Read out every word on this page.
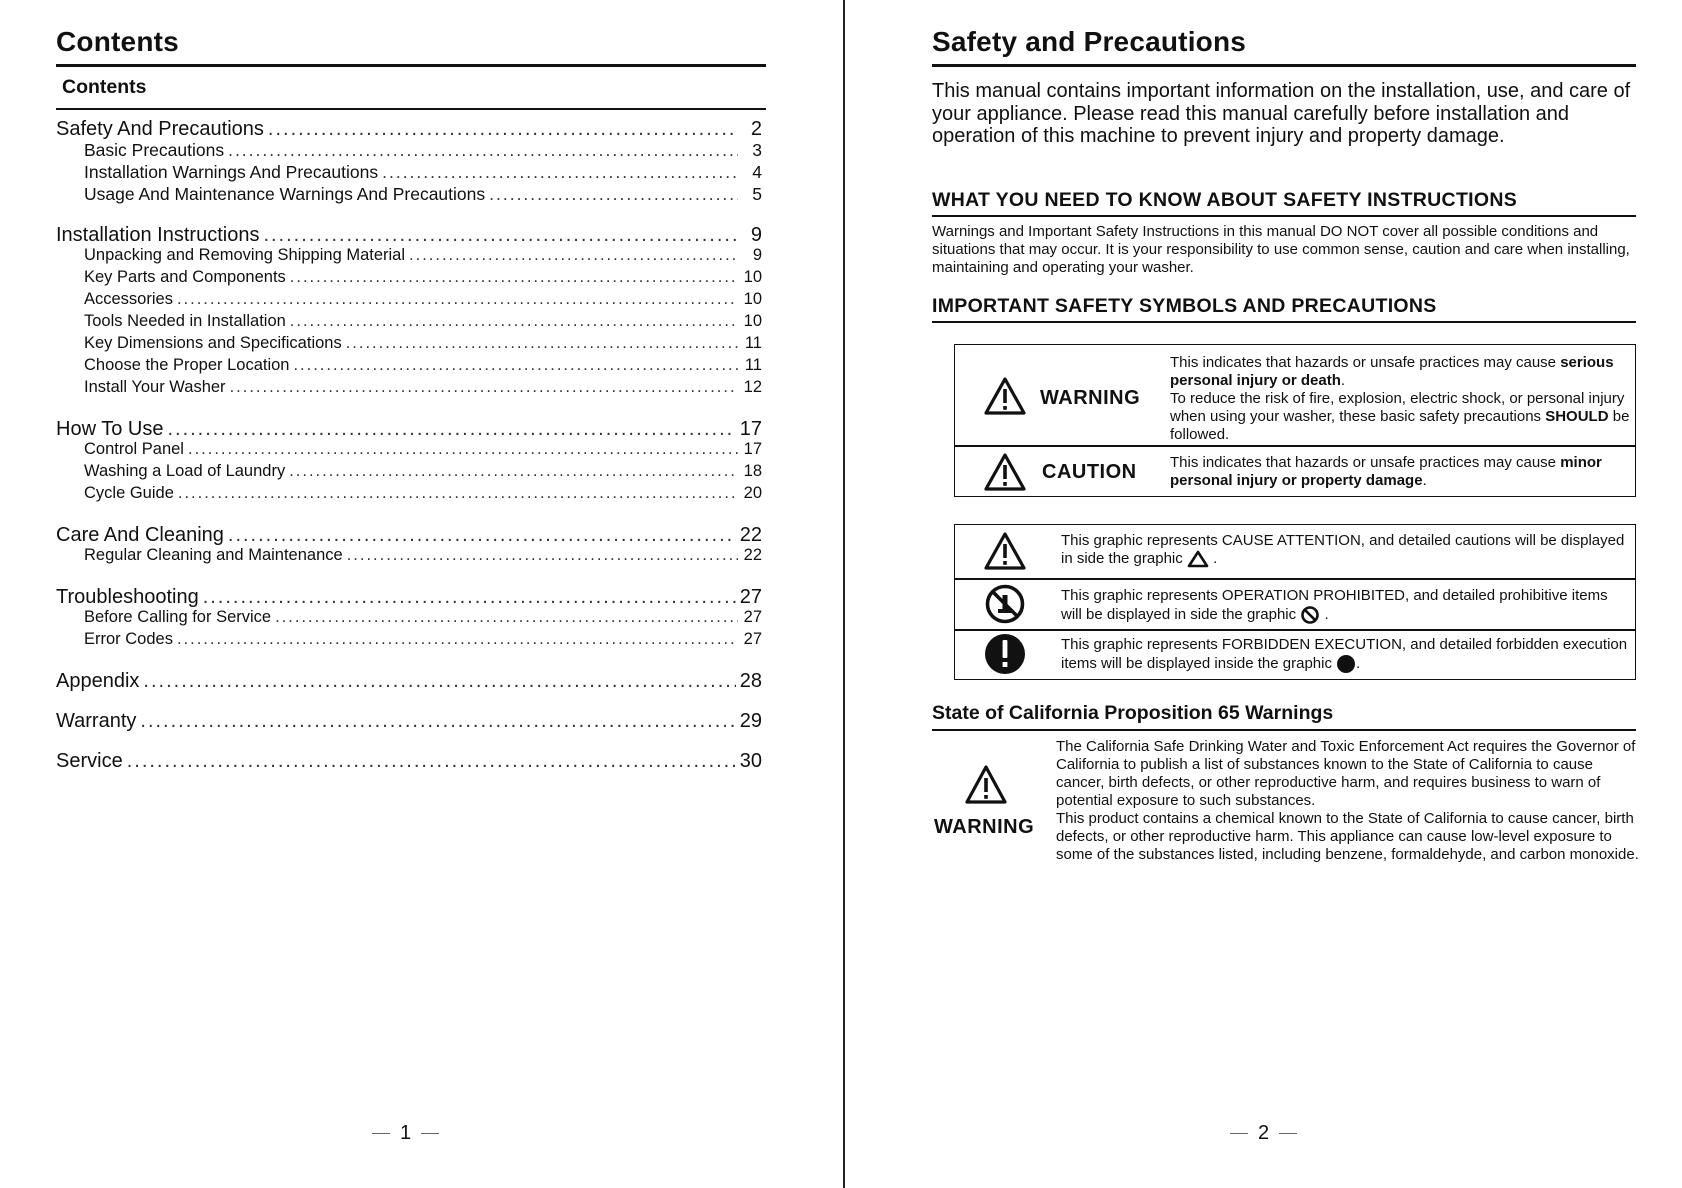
Contents
Contents
Safety And Precautions .....	2
Basic Precautions .....	3
Installation Warnings And Precautions .....	4
Usage And Maintenance Warnings And Precautions .....	5
Installation Instructions .....	9
Unpacking and Removing Shipping Material .....	9
Key Parts and Components .....	10
Accessories .....	10
Tools Needed in Installation .....	10
Key Dimensions and Specifications .....	11
Choose the Proper Location .....	11
Install Your Washer .....	12
How To Use .....	17
Control Panel .....	17
Washing a Load of Laundry .....	18
Cycle Guide .....	20
Care And Cleaning .....	22
Regular Cleaning and Maintenance .....	22
Troubleshooting .....	27
Before Calling for Service .....	27
Error Codes .....	27
Appendix .....	28
Warranty .....	29
Service .....	30
1
Safety and Precautions
This manual contains important information on the installation, use, and care of your appliance. Please read this manual carefully before installation and operation of this machine to prevent injury and property damage.
WHAT YOU NEED TO KNOW ABOUT SAFETY INSTRUCTIONS
Warnings and Important Safety Instructions in this manual DO NOT cover all possible conditions and situations that may occur. It is your responsibility to use common sense, caution and care when installing, maintaining and operating your washer.
IMPORTANT SAFETY SYMBOLS AND PRECAUTIONS
WARNING
This indicates that hazards or unsafe practices may cause serious personal injury or death.
To reduce the risk of fire, explosion, electric shock, or personal injury when using your washer, these basic safety precautions SHOULD be followed.
CAUTION This indicates that hazards or unsafe practices may cause minor personal injury or property damage.
This graphic represents CAUSE ATTENTION, and detailed cautions will be displayed in side the graphic  .
This graphic represents OPERATION PROHIBITED, and detailed prohibitive items will be displayed in side the graphic  .
This graphic represents FORBIDDEN EXECUTION, and detailed forbidden execution items will be displayed inside the graphic .
State of California Proposition 65 Warnings
WARNING
The California Safe Drinking Water and Toxic Enforcement Act requires the Governor of California to publish a list of substances known to the State of California to cause cancer, birth defects, or other reproductive harm, and requires business to warn of potential exposure to such substances.
This product contains a chemical known to the State of California to cause cancer, birth defects, or other reproductive harm. This appliance can cause low-level exposure to some of the substances listed, including benzene, formaldehyde, and carbon monoxide.
2
